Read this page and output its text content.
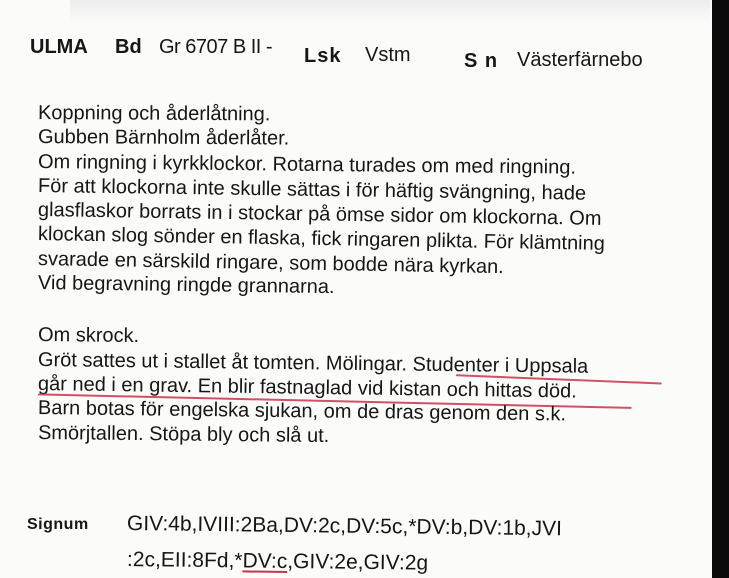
ULMA Bd Gr 6707 B II - Lsk Vstm	S n Västerfärnebo
Koppning och åderlåtning.
Gubben Bärnholm åderlåter.
Om ringning i kyrkklockor. Rotarna turades om med ringning.
För att klockorna inte skulle sättas i för häftig svängning, hade
glasflaskor borrats in i stockar på ömse sidor om klockorna. Om
klockan slog sönder en flaska, fick ringaren plikta. För klämtning
svarade en särskild ringare, som bodde nära kyrkan.
Vid begravning ringde grannarna.
Om skrock.
Gröt sattes ut i stallet åt tomten. Mölingar. Studenter i Uppsala
går ned i en grav. En blir fastnaglad vid kistan och hittas död.
Barn botas för engelska sjukan, om de dras genom den s.k.
Smörjtallen. Stöpa bly och slå ut.
Signum GIV:4b,IVIII:2Ba,DV:2c,DV:5c,*DV:b,DV:1b,JVI
:2c,EII:8Fd,*DV:c,GIV:2e,GIV:2g
